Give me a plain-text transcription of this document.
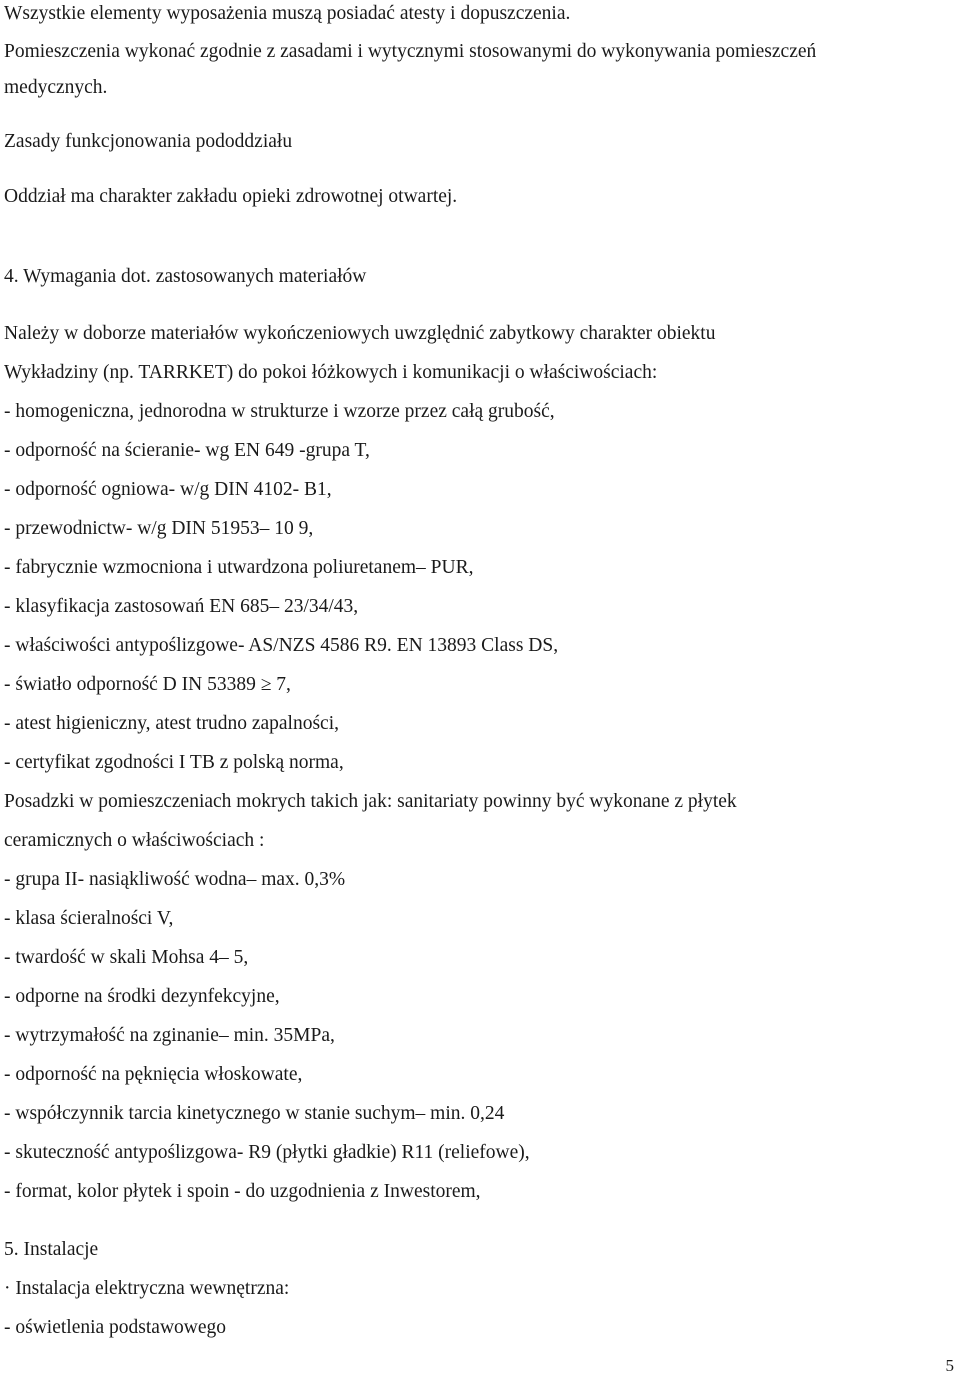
Wszystkie elementy wyposażenia muszą posiadać atesty i dopuszczenia.

Pomieszczenia wykonać zgodnie z zasadami i wytycznymi stosowanymi do wykonywania pomieszczeń

medycznych.

Zasady funkcjonowania pododdziału

Oddział ma charakter zakładu opieki zdrowotnej otwartej.

4. Wymagania dot. zastosowanych materiałów

Należy w doborze materiałów wykończeniowych uwzględnić zabytkowy charakter obiektu

Wykładziny (np. TARRKET) do pokoi łóżkowych i komunikacji o właściwościach:

- homogeniczna, jednorodna w strukturze i wzorze przez całą grubość,

- odporność na ścieranie- wg EN 649 -grupa T,

- odporność ogniowa- w/g DIN 4102- B1,

- przewodnictw- w/g DIN 51953– 10 9,

- fabrycznie wzmocniona i utwardzona poliuretanem– PUR,

- klasyfikacja zastosowań EN 685– 23/34/43,

- właściwości antypoślizgowe- AS/NZS 4586 R9. EN 13893 Class DS,

- światło odporność D IN 53389 ≥ 7,

- atest higieniczny, atest trudno zapalności,

- certyfikat zgodności I TB z polską norma,

Posadzki w pomieszczeniach mokrych takich jak: sanitariaty powinny być wykonane z płytek

ceramicznych o właściwościach :

- grupa II- nasiąkliwość wodna– max. 0,3%

- klasa ścieralności V,

- twardość w skali Mohsa 4– 5,

- odporne na środki dezynfekcyjne,

- wytrzymałość na zginanie– min. 35MPa,

- odporność na pęknięcia włoskowate,

- współczynnik tarcia kinetycznego w stanie suchym– min. 0,24

- skuteczność antypoślizgowa- R9 (płytki gładkie) R11 (reliefowe),

- format, kolor płytek i spoin - do uzgodnienia z Inwestorem,

5. Instalacje

· Instalacja elektryczna wewnętrzna:

- oświetlenia podstawowego

5
